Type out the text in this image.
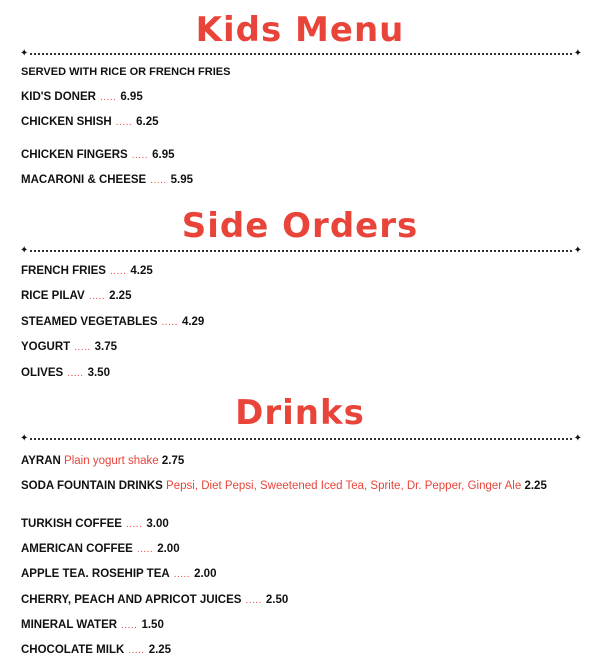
Kids Menu
✦	✦
SERVED WITH RICE OR FRENCH FRIES
KID'S DONER ..... 6.95
CHICKEN SHISH ..... 6.25
CHICKEN FINGERS ..... 6.95
MACARONI & CHEESE ..... 5.95
Side Orders
✦	✦
FRENCH FRIES ..... 4.25
RICE PILAV ..... 2.25
STEAMED VEGETABLES ..... 4.29
YOGURT ..... 3.75
OLIVES ..... 3.50
Drinks
✦	✦
AYRAN Plain yogurt shake 2.75
SODA FOUNTAIN DRINKS Pepsi, Diet Pepsi, Sweetened Iced Tea, Sprite, Dr. Pepper, Ginger Ale 2.25
TURKISH COFFEE ..... 3.00
AMERICAN COFFEE ..... 2.00
APPLE TEA. ROSEHIP TEA ..... 2.00
CHERRY, PEACH AND APRICOT JUICES ..... 2.50
MINERAL WATER ..... 1.50
CHOCOLATE MILK ..... 2.25
